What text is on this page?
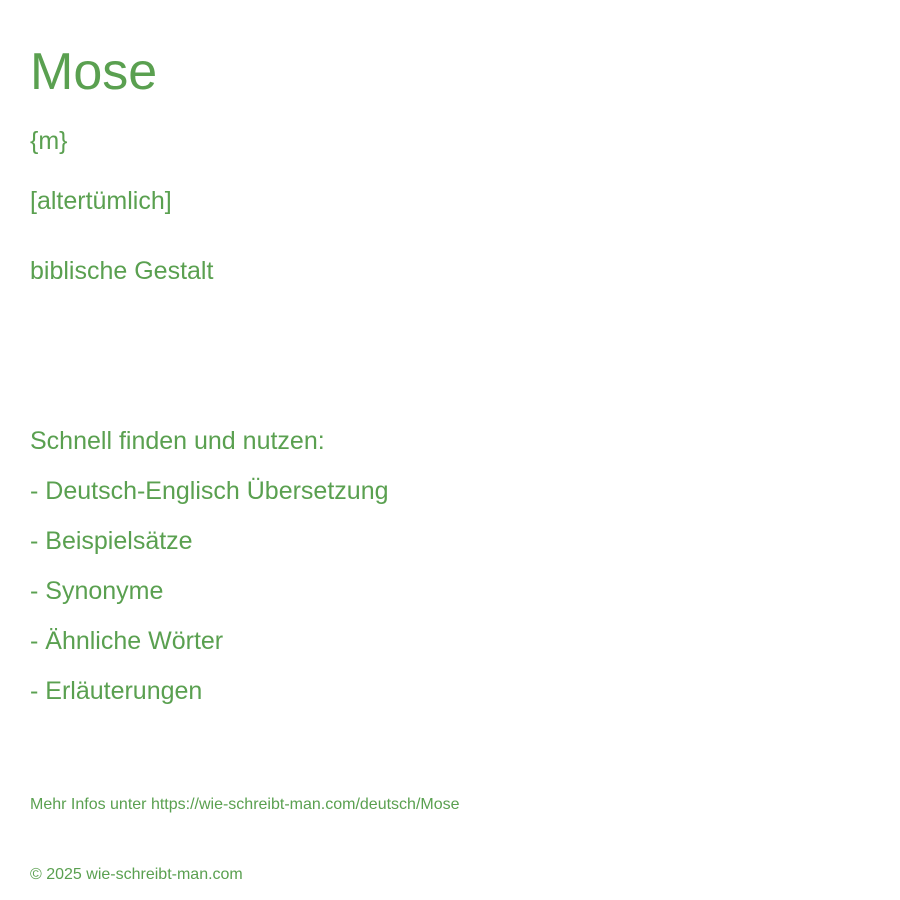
Mose
{m}
[altertümlich]
biblische Gestalt
Schnell finden und nutzen:
- Deutsch-Englisch Übersetzung
- Beispielsätze
- Synonyme
- Ähnliche Wörter
- Erläuterungen
Mehr Infos unter https://wie-schreibt-man.com/deutsch/Mose
© 2025 wie-schreibt-man.com
